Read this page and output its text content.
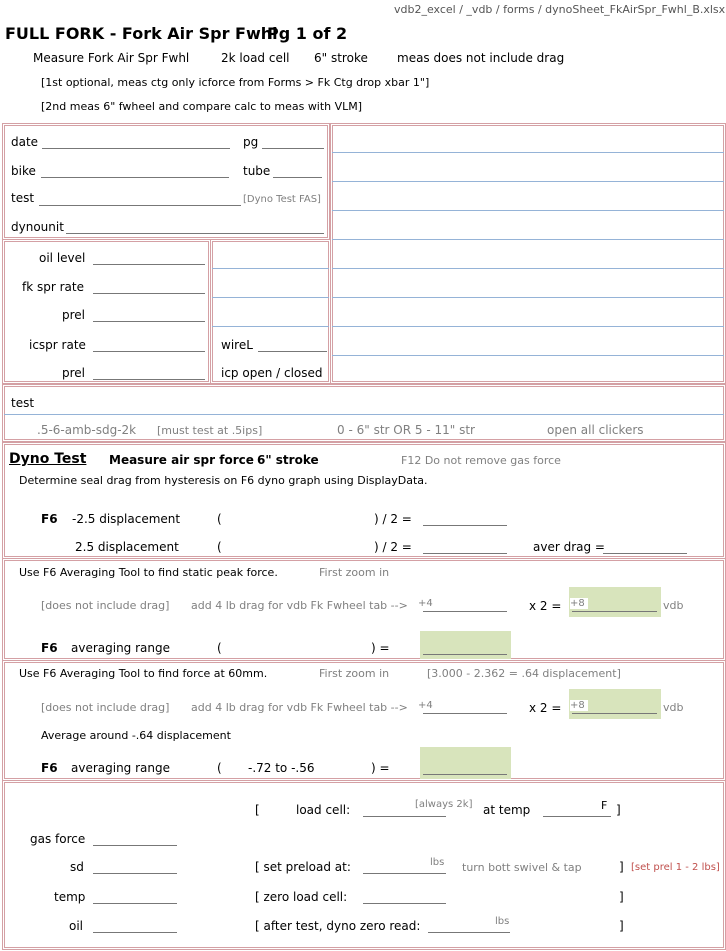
vdb2_excel / _vdb / forms / dynoSheet_FkAirSpr_Fwhl_B.xlsx
FULL FORK - Fork Air Spr Fwhl
Pg 1 of 2
Measure Fork Air Spr Fwhl	2k load cell 6" stroke meas does not include drag
[1st optional, meas ctg only icforce from Forms > Fk Ctg drop xbar 1"]
[2nd meas 6" fwheel and compare calc to meas with VLM]
date	pg
bike	tube
test	[Dyno Test FAS]
dynounit
oil level
fk spr rate
prel
icspr rate
prel
wireL
icp open / closed
test
.5-6-amb-sdg-2k [must test at .5ips]	0 - 6" str OR 5 - 11" str	open all clickers
Dyno Test Measure air spr force 6" stroke	F12 Do not remove gas force
Determine seal drag from hysteresis on F6 dyno graph using DisplayData.
F6 -2.5 displacement	(	) / 2 =
2.5 displacement	(	) / 2 =	aver drag =
Use F6 Averaging Tool to find static peak force.	First zoom in
[does not include drag] add 4 lb drag for vdb Fk Fwheel tab --> +4	x 2 = +8	vdb
F6 averaging range	(	) =
Use F6 Averaging Tool to find force at 60mm.	First zoom in	[3.000 - 2.362 = .64 displacement]
[does not include drag] add 4 lb drag for vdb Fk Fwheel tab --> +4	x 2 = +8	vdb
Average around -.64 displacement
F6 averaging range	( -.72 to -.56	) =
[	load cell:	[always 2k] at temp	F ]
gas force
sd	[ set preload at:	lbs turn bott swivel & tap	] [set prel 1 - 2 lbs]
temp	[ zero load cell:	]
oil	[ after test, dyno zero read:	lbs	]
